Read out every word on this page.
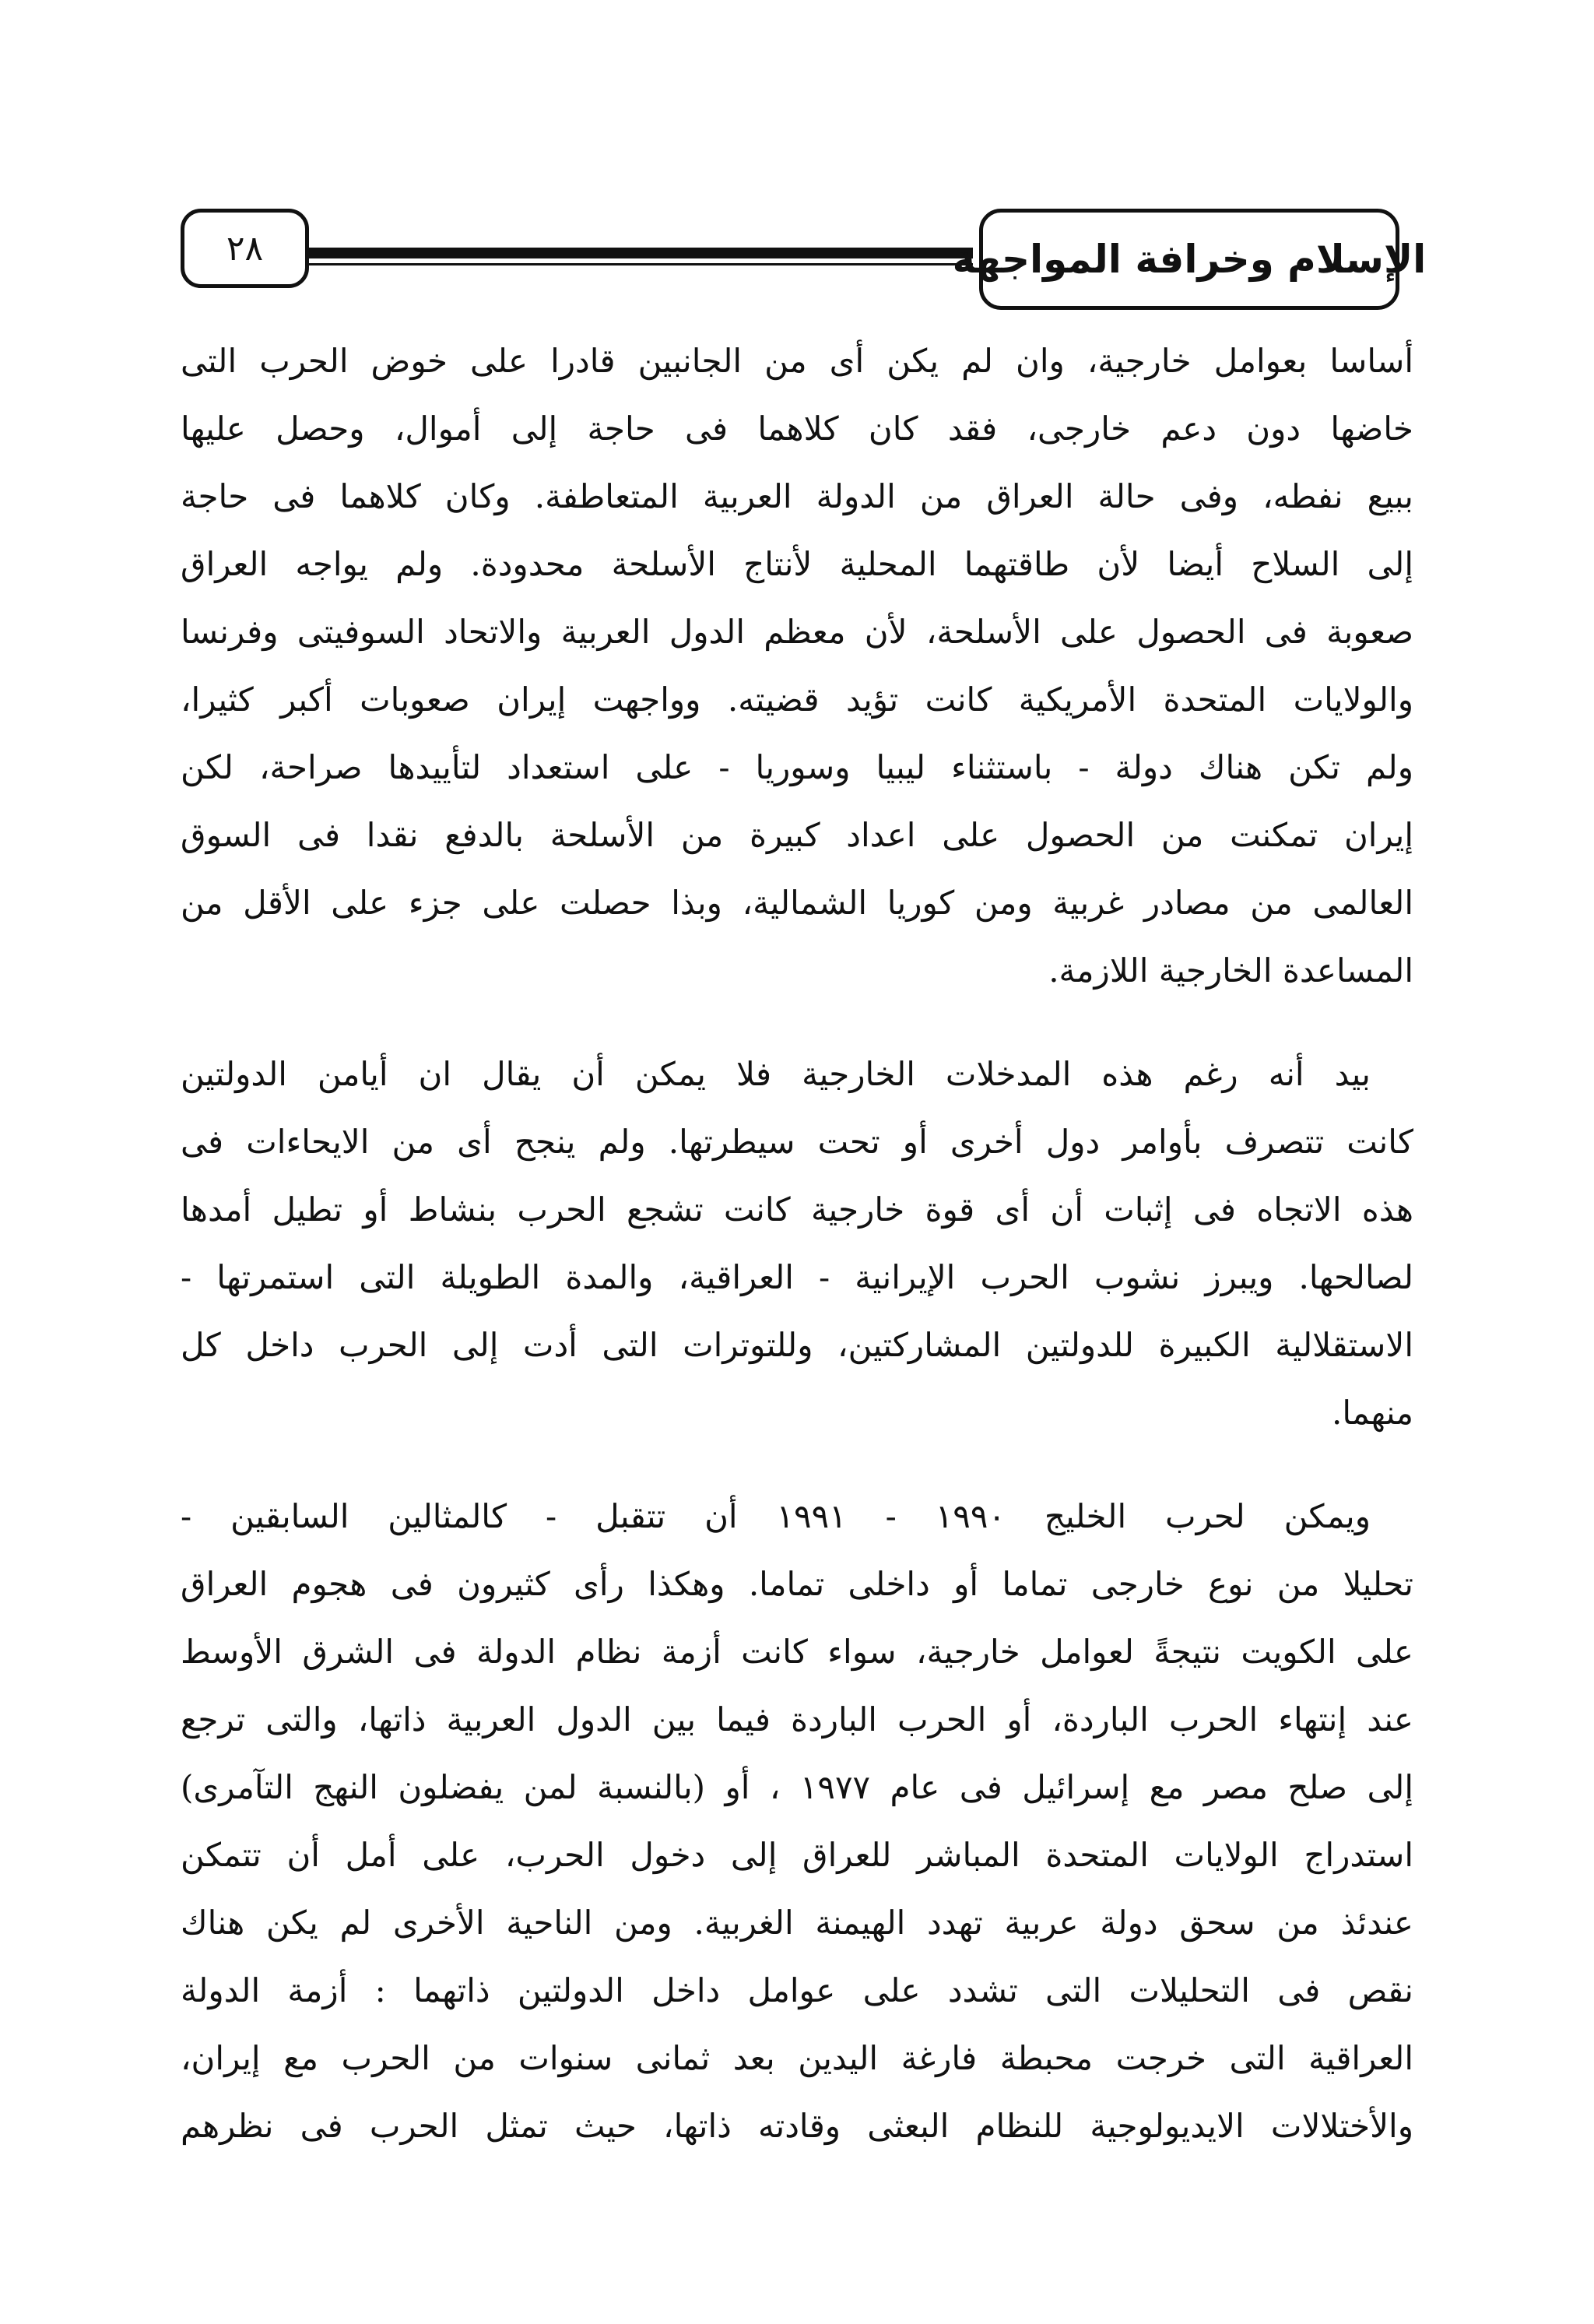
الإسلام وخرافة المواجهة
٢٨

أساسا بعوامل خارجية، وان لم يكن أى من الجانبين قادرا على خوض الحرب التى
خاضها دون دعم خارجى، فقد كان كلاهما فى حاجة إلى أموال، وحصل عليها
ببيع نفطه، وفى حالة العراق من الدولة العربية المتعاطفة. وكان كلاهما فى حاجة
إلى السلاح أيضا لأن طاقتهما المحلية لأنتاج الأسلحة محدودة. ولم يواجه العراق
صعوبة فى الحصول على الأسلحة، لأن معظم الدول العربية والاتحاد السوفيتى وفرنسا
والولايات المتحدة الأمريكية كانت تؤيد قضيته. وواجهت إيران صعوبات أكبر كثيرا،
ولم تكن هناك دولة - باستثناء ليبيا وسوريا - على استعداد لتأييدها صراحة، لكن
إيران تمكنت من الحصول على اعداد كبيرة من الأسلحة بالدفع نقدا فى السوق
العالمى من مصادر غربية ومن كوريا الشمالية، وبذا حصلت على جزء على الأقل من
المساعدة الخارجية اللازمة.

بيد أنه رغم هذه المدخلات الخارجية فلا يمكن أن يقال ان أيامن الدولتين
كانت تتصرف بأوامر دول أخرى أو تحت سيطرتها. ولم ينجح أى من الايحاءات فى
هذه الاتجاه فى إثبات أن أى قوة خارجية كانت تشجع الحرب بنشاط أو تطيل أمدها
لصالحها. ويبرز نشوب الحرب الإيرانية - العراقية، والمدة الطويلة التى استمرتها -
الاستقلالية الكبيرة للدولتين المشاركتين، وللتوترات التى أدت إلى الحرب داخل كل
منهما.

ويمكن لحرب الخليج ١٩٩٠ - ١٩٩١ أن تتقبل - كالمثالين السابقين -
تحليلا من نوع خارجى تماما أو داخلى تماما. وهكذا رأى كثيرون فى هجوم العراق
على الكويت نتيجةً لعوامل خارجية، سواء كانت أزمة نظام الدولة فى الشرق الأوسط
عند إنتهاء الحرب الباردة، أو الحرب الباردة فيما بين الدول العربية ذاتها، والتى ترجع
إلى صلح مصر مع إسرائيل فى عام ١٩٧٧ ، أو (بالنسبة لمن يفضلون النهج التآمرى)
استدراج الولايات المتحدة المباشر للعراق إلى دخول الحرب، على أمل أن تتمكن
عندئذ من سحق دولة عربية تهدد الهيمنة الغربية. ومن الناحية الأخرى لم يكن هناك
نقص فى التحليلات التى تشدد على عوامل داخل الدولتين ذاتهما : أزمة الدولة
العراقية التى خرجت محبطة فارغة اليدين بعد ثمانى سنوات من الحرب مع إيران،
والأختلالات الايديولوجية للنظام البعثى وقادته ذاتها، حيث تمثل الحرب فى نظرهم
